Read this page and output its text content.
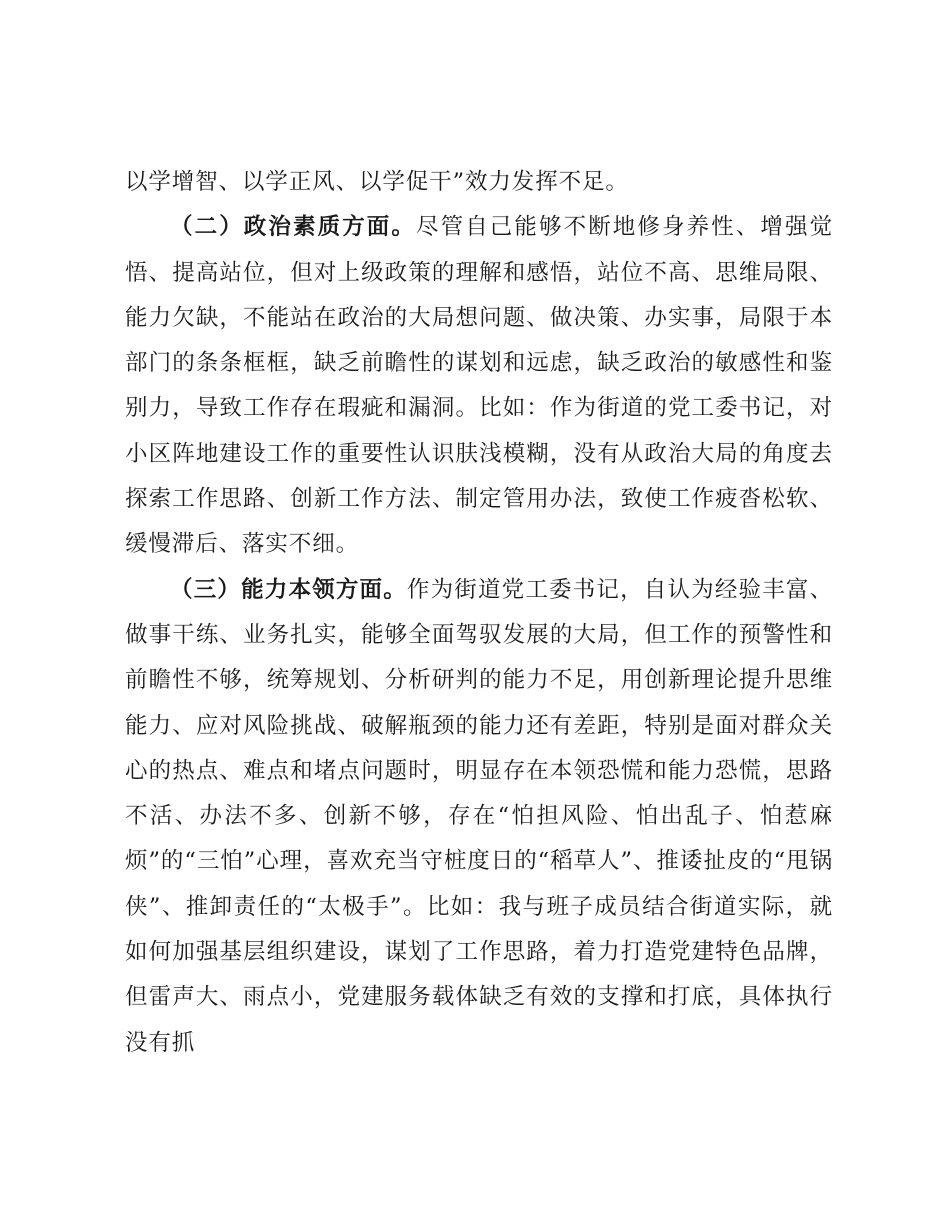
以学增智、以学正风、以学促干”效力发挥不足。

（二）政治素质方面。尽管自己能够不断地修身养性、增强觉悟、提高站位，但对上级政策的理解和感悟，站位不高、思维局限、能力欠缺，不能站在政治的大局想问题、做决策、办实事，局限于本部门的条条框框，缺乏前瞻性的谋划和远虑，缺乏政治的敏感性和鉴别力，导致工作存在瑕疵和漏洞。比如：作为街道的党工委书记，对小区阵地建设工作的重要性认识肤浅模糊，没有从政治大局的角度去探索工作思路、创新工作方法、制定管用办法，致使工作疲沓松软、缓慢滞后、落实不细。

（三）能力本领方面。作为街道党工委书记，自认为经验丰富、做事干练、业务扎实，能够全面驾驭发展的大局，但工作的预警性和前瞻性不够，统筹规划、分析研判的能力不足，用创新理论提升思维能力、应对风险挑战、破解瓶颈的能力还有差距，特别是面对群众关心的热点、难点和堵点问题时，明显存在本领恐慌和能力恐慌，思路不活、办法不多、创新不够，存在“怕担风险、怕出乱子、怕惹麻烦”的“三怕”心理，喜欢充当守桩度日的“稻草人”、推诿扯皮的“甩锅侠”、推卸责任的“太极手”。比如：我与班子成员结合街道实际，就如何加强基层组织建设，谋划了工作思路，着力打造党建特色品牌，但雷声大、雨点小，党建服务载体缺乏有效的支撑和打底，具体执行没有抓
